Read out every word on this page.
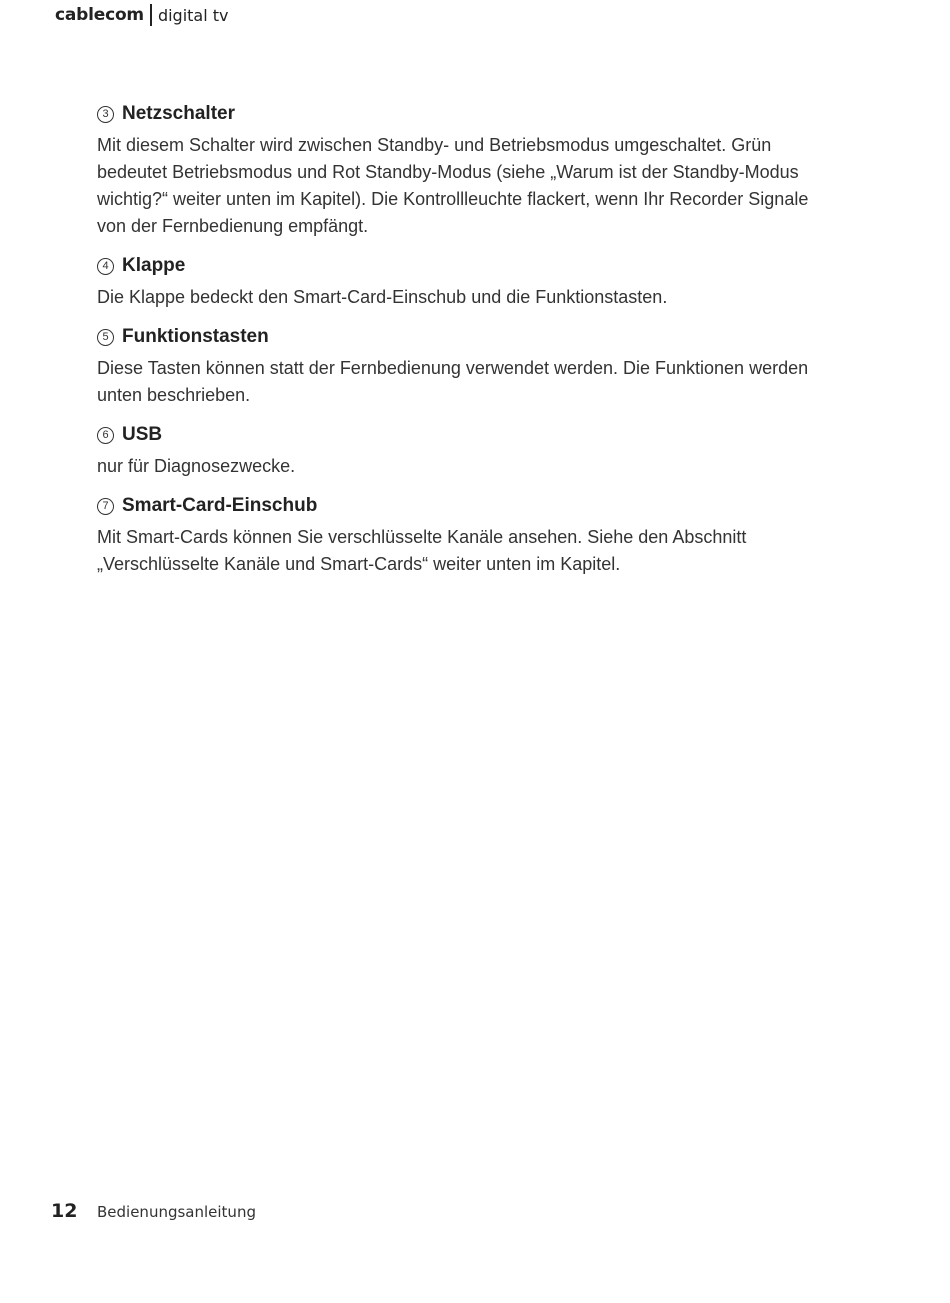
cablecom digital tv
3 Netzschalter

Mit diesem Schalter wird zwischen Standby- und Betriebsmodus umgeschaltet. Grün bedeutet Betriebsmodus und Rot Standby-Modus (siehe „Warum ist der Standby-Modus wichtig?“ weiter unten im Kapitel). Die Kontrollleuchte flackert, wenn Ihr Recorder Signale von der Fernbedienung empfängt.

4 Klappe

Die Klappe bedeckt den Smart-Card-Einschub und die Funktionstasten.

5 Funktionstasten

Diese Tasten können statt der Fernbedienung verwendet werden. Die Funktionen werden unten beschrieben.

6 USB

nur für Diagnosezwecke.

7 Smart-Card-Einschub

Mit Smart-Cards können Sie verschlüsselte Kanäle ansehen. Siehe den Abschnitt „Verschlüsselte Kanäle und Smart-Cards“ weiter unten im Kapitel.

12	Bedienungsanleitung
